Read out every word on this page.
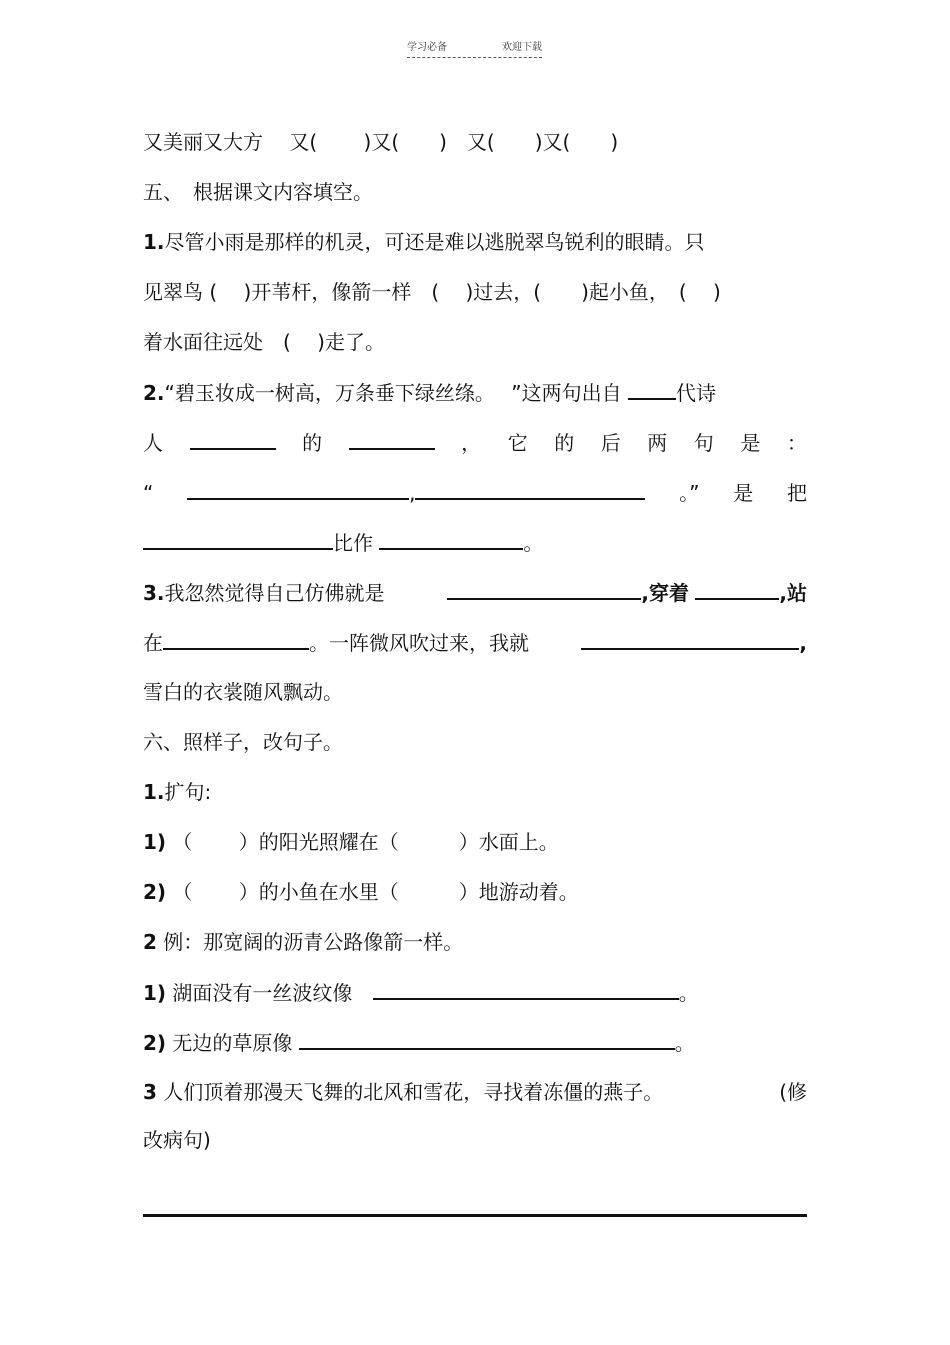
学习必备	欢迎下载
又美丽又大方　 又(　　 )又(　　)　又(　　)又(　　)
五、　根据课文内容填空。
1.尽管小雨是那样的机灵，可还是难以逃脱翠鸟锐利的眼睛。只
见翠鸟 (　 )开苇杆，像箭一样　(　 )过去，(　　)起小鱼，　(　 )
着水面往远处　(　 )走了。
2.“碧玉妆成一树高，万条垂下绿丝绦。　 ”这两句出自	代诗
人	的	， 它 的 后 两 句 是 ：
“	,	。” 是 把
比作	。
3.我忽然觉得自己仿佛就是	,穿着	,站
在	。一阵微风吹过来，我就	,
雪白的衣裳随风飘动。
六、照样子，改句子。
1.扩句:
1) （　　 ）的阳光照耀在（　　　）水面上。
2) （　　 ）的小鱼在水里（　　　）地游动着。
2 例：那宽阔的沥青公路像箭一样。
1) 湖面没有一丝波纹像	。
2) 无边的草原像	。
3 人们顶着那漫天飞舞的北风和雪花，寻找着冻僵的燕子。	(修
改病句)
